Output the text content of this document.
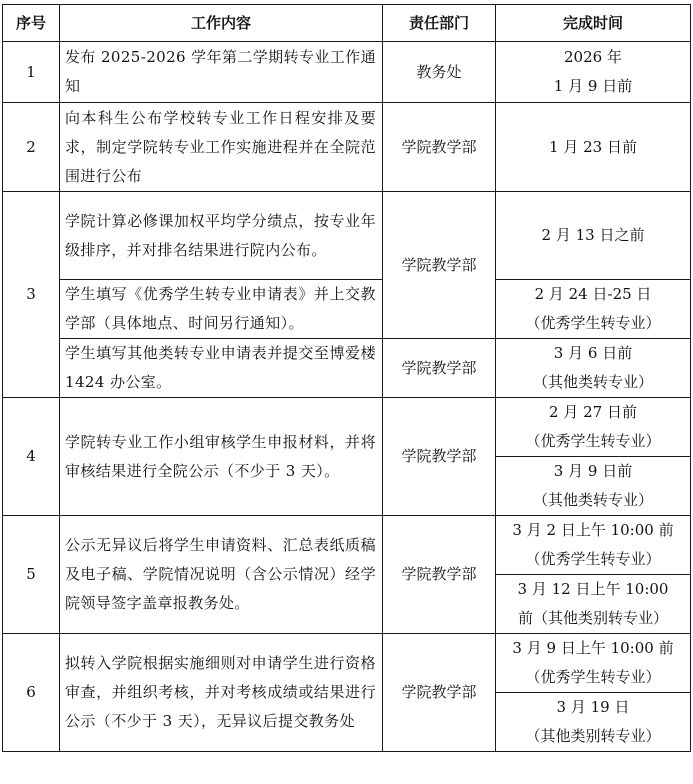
序号	工作内容	责任部门	完成时间
1	发布 2025-2026 学年第二学期转专业工作通知	教务处	2026 年
1 月 9 日前

2	向本科生公布学校转专业工作日程安排及要求，制定学院转专业工作实施进程并在全院范围进行公布	学院教学部	1 月 23 日前
3	学院计算必修课加权平均学分绩点，按专业年级排序，并对排名结果进行院内公布。	学院教学部	2 月 13 日之前
	学生填写《优秀学生转专业申请表》并上交教学部（具体地点、时间另行通知）。		2 月 24 日-25 日
（优秀学生转专业）

	学生填写其他类转专业申请表并提交至博爱楼 1424 办公室。	学院教学部	3 月 6 日前
（其他类转专业）

4	学院转专业工作小组审核学生申报材料，并将审核结果进行全院公示（不少于 3 天）。	学院教学部	2 月 27 日前
（优秀学生转专业）

			3 月 9 日前
（其他类转专业）

5	公示无异议后将学生申请资料、汇总表纸质稿及电子稿、学院情况说明（含公示情况）经学院领导签字盖章报教务处。	学院教学部	3 月 2 日上午 10:00 前
（优秀学生转专业）

			3 月 12 日上午 10:00
前（其他类别转专业）

6	拟转入学院根据实施细则对申请学生进行资格审查，并组织考核，并对考核成绩或结果进行公示（不少于 3 天），无异议后提交教务处	学院教学部	3 月 9 日上午 10:00 前
（优秀学生转专业）

			3 月 19 日
（其他类别转专业）
